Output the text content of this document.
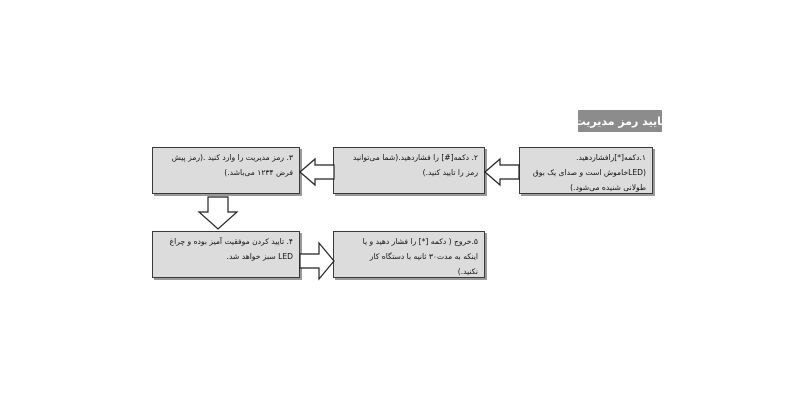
تایید رمز مدیریت
۱.دکمه[*]رافشاردهید.
(LEDخاموش است و صدای یک بوق
طولانی شنیده می‌شود.)
۲. دکمه[#] را فشاردهید.(شما می‌توانید
رمز را تایید کنید.)
۳. رمز مدیریت را وارد کنید .(رمز پیش
فرض ۱۲۳۴ می‌باشد.)
۴. تایید کردن موفقیت آمیز بوده و چراغ
LED سبز خواهد شد.
۵.خروج ( دکمه [*] را فشار دهید و یا
اینکه به مدت۳۰ ثانیه با دستگاه کار
نکنید.)
